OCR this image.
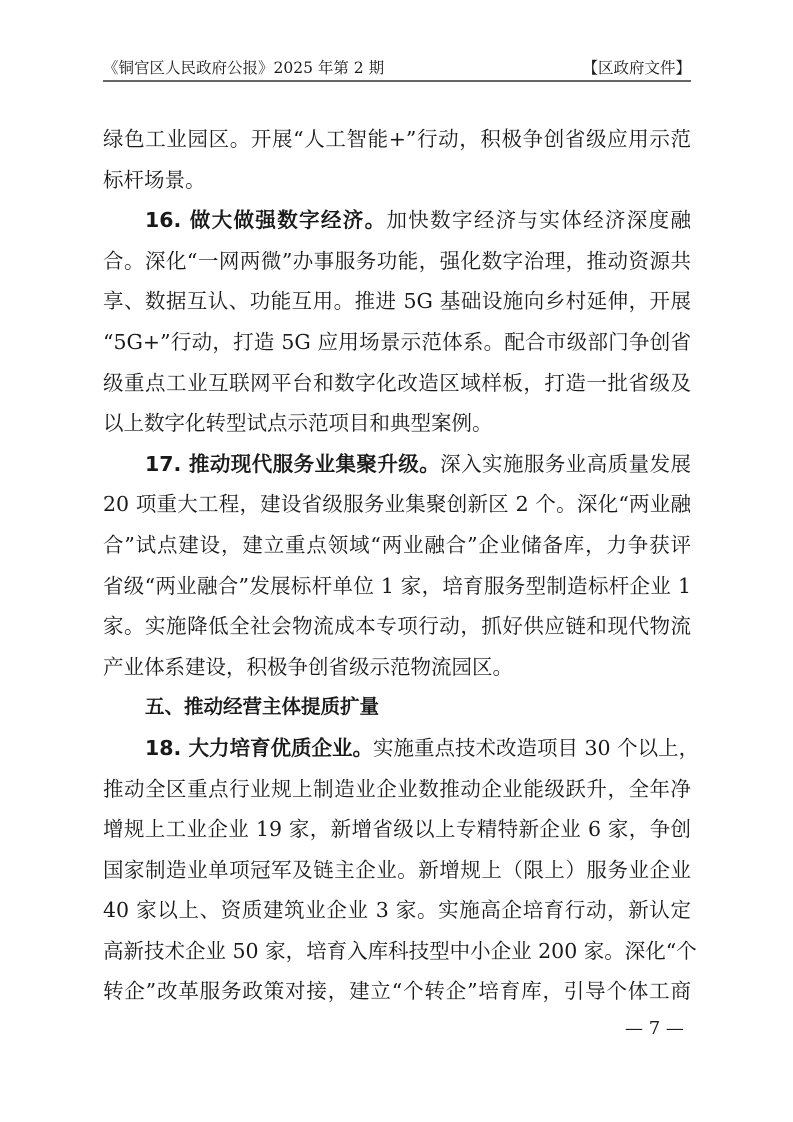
《铜官区人民政府公报》2025 年第 2 期	【区政府文件】
绿色工业园区。开展“人工智能+”行动，积极争创省级应用示范
标杆场景。
16. 做大做强数字经济。加快数字经济与实体经济深度融
合。深化“一网两微”办事服务功能，强化数字治理，推动资源共
享、数据互认、功能互用。推进 5G 基础设施向乡村延伸，开展
“5G+”行动，打造 5G 应用场景示范体系。配合市级部门争创省
级重点工业互联网平台和数字化改造区域样板，打造一批省级及
以上数字化转型试点示范项目和典型案例。
17. 推动现代服务业集聚升级。深入实施服务业高质量发展
20 项重大工程，建设省级服务业集聚创新区 2 个。深化“两业融
合”试点建设，建立重点领域“两业融合”企业储备库，力争获评
省级“两业融合”发展标杆单位 1 家，培育服务型制造标杆企业 1
家。实施降低全社会物流成本专项行动，抓好供应链和现代物流
产业体系建设，积极争创省级示范物流园区。
五、推动经营主体提质扩量
18. 大力培育优质企业。实施重点技术改造项目 30 个以上，
推动全区重点行业规上制造业企业数推动企业能级跃升，全年净
增规上工业企业 19 家，新增省级以上专精特新企业 6 家，争创
国家制造业单项冠军及链主企业。新增规上（限上）服务业企业
40 家以上、资质建筑业企业 3 家。实施高企培育行动，新认定
高新技术企业 50 家，培育入库科技型中小企业 200 家。深化“个
转企”改革服务政策对接，建立“个转企”培育库，引导个体工商
— 7 —
